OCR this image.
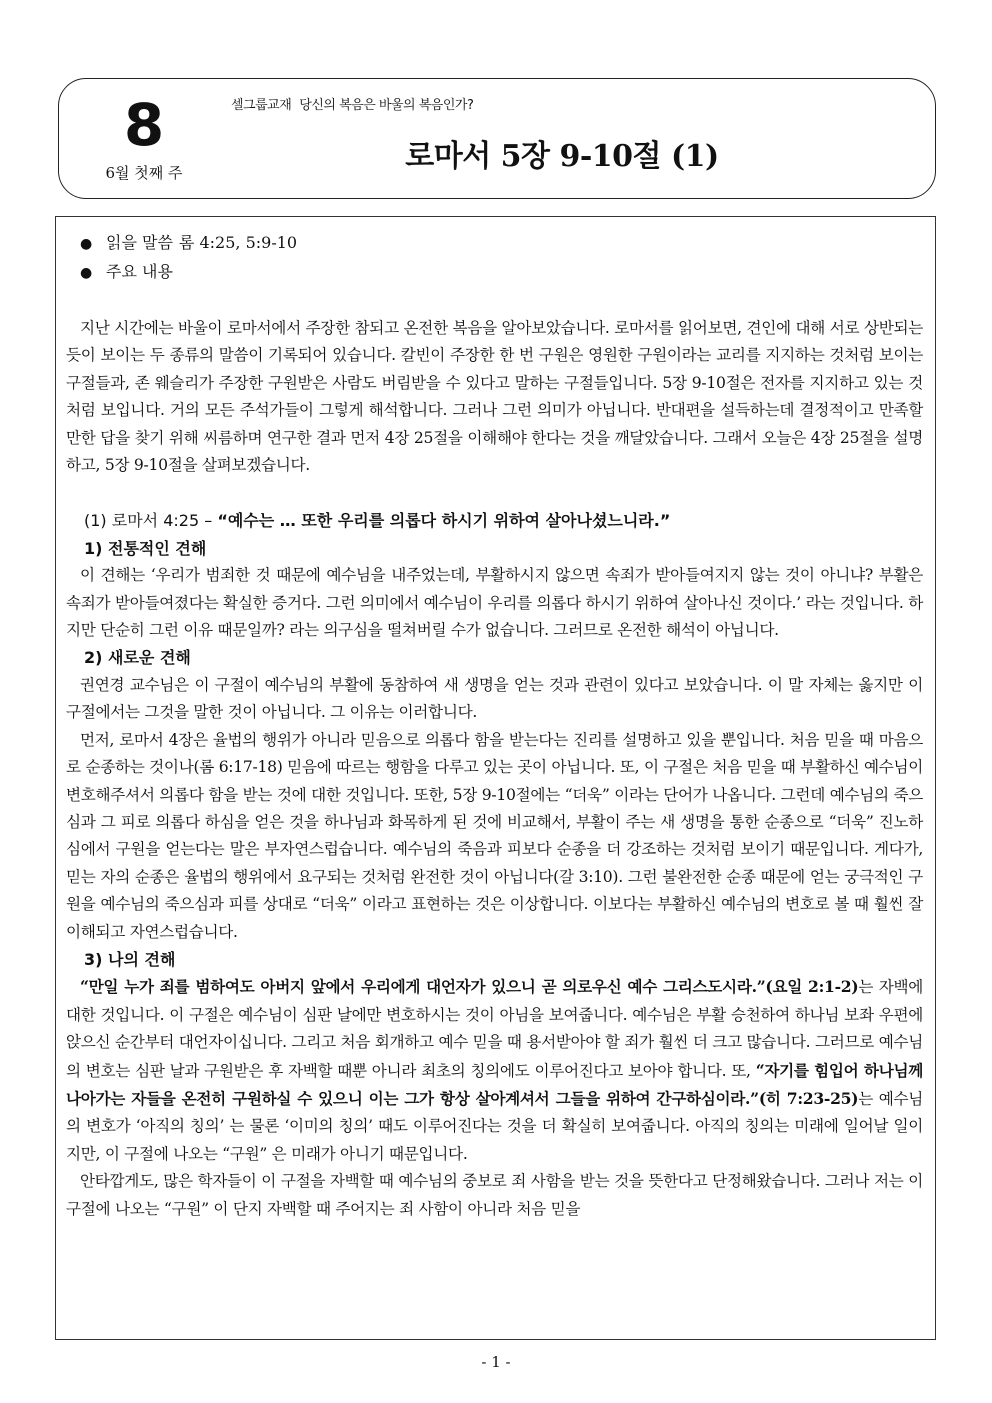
8
6월 첫째 주
셀그룹교재 당신의 복음은 바울의 복음인가?
로마서 5장 9-10절 (1)
● 읽을 말씀 롬 4:25, 5:9-10
● 주요 내용

지난 시간에는 바울이 로마서에서 주장한 참되고 온전한 복음을 알아보았습니다. 로마서를 읽어보면, 견인에 대해 서로 상반되는 듯이 보이는 두 종류의 말씀이 기록되어 있습니다. 칼빈이 주장한 한 번 구원은 영원한 구원이라는 교리를 지지하는 것처럼 보이는 구절들과, 존 웨슬리가 주장한 구원받은 사람도 버림받을 수 있다고 말하는 구절들입니다. 5장 9-10절은 전자를 지지하고 있는 것처럼 보입니다. 거의 모든 주석가들이 그렇게 해석합니다. 그러나 그런 의미가 아닙니다. 반대편을 설득하는데 결정적이고 만족할 만한 답을 찾기 위해 씨름하며 연구한 결과 먼저 4장 25절을 이해해야 한다는 것을 깨달았습니다. 그래서 오늘은 4장 25절을 설명하고, 5장 9-10절을 살펴보겠습니다.

(1) 로마서 4:25 – “예수는 … 또한 우리를 의롭다 하시기 위하여 살아나셨느니라.”
1) 전통적인 견해

이 견해는 ‘우리가 범죄한 것 때문에 예수님을 내주었는데, 부활하시지 않으면 속죄가 받아들여지지 않는 것이 아니냐? 부활은 속죄가 받아들여졌다는 확실한 증거다. 그런 의미에서 예수님이 우리를 의롭다 하시기 위하여 살아나신 것이다.’ 라는 것입니다. 하지만 단순히 그런 이유 때문일까? 라는 의구심을 떨쳐버릴 수가 없습니다. 그러므로 온전한 해석이 아닙니다.

2) 새로운 견해

권연경 교수님은 이 구절이 예수님의 부활에 동참하여 새 생명을 얻는 것과 관련이 있다고 보았습니다. 이 말 자체는 옳지만 이 구절에서는 그것을 말한 것이 아닙니다. 그 이유는 이러합니다.

먼저, 로마서 4장은 율법의 행위가 아니라 믿음으로 의롭다 함을 받는다는 진리를 설명하고 있을 뿐입니다. 처음 믿을 때 마음으로 순종하는 것이나(롬 6:17-18) 믿음에 따르는 행함을 다루고 있는 곳이 아닙니다. 또, 이 구절은 처음 믿을 때 부활하신 예수님이 변호해주셔서 의롭다 함을 받는 것에 대한 것입니다. 또한, 5장 9-10절에는 “더욱” 이라는 단어가 나옵니다. 그런데 예수님의 죽으심과 그 피로 의롭다 하심을 얻은 것을 하나님과 화목하게 된 것에 비교해서, 부활이 주는 새 생명을 통한 순종으로 “더욱” 진노하심에서 구원을 얻는다는 말은 부자연스럽습니다. 예수님의 죽음과 피보다 순종을 더 강조하는 것처럼 보이기 때문입니다. 게다가, 믿는 자의 순종은 율법의 행위에서 요구되는 것처럼 완전한 것이 아닙니다(갈 3:10). 그런 불완전한 순종 때문에 얻는 궁극적인 구원을 예수님의 죽으심과 피를 상대로 “더욱” 이라고 표현하는 것은 이상합니다. 이보다는 부활하신 예수님의 변호로 볼 때 훨씬 잘 이해되고 자연스럽습니다.

3) 나의 견해

“만일 누가 죄를 범하여도 아버지 앞에서 우리에게 대언자가 있으니 곧 의로우신 예수 그리스도시라.”(요일 2:1-2)는 자백에 대한 것입니다. 이 구절은 예수님이 심판 날에만 변호하시는 것이 아님을 보여줍니다. 예수님은 부활 승천하여 하나님 보좌 우편에 앉으신 순간부터 대언자이십니다. 그리고 처음 회개하고 예수 믿을 때 용서받아야 할 죄가 훨씬 더 크고 많습니다. 그러므로 예수님의 변호는 심판 날과 구원받은 후 자백할 때뿐 아니라 최초의 칭의에도 이루어진다고 보아야 합니다. 또, “자기를 힘입어 하나님께 나아가는 자들을 온전히 구원하실 수 있으니 이는 그가 항상 살아계셔서 그들을 위하여 간구하심이라.”(히 7:23-25)는 예수님의 변호가 ‘아직의 칭의’ 는 물론 ‘이미의 칭의’ 때도 이루어진다는 것을 더 확실히 보여줍니다. 아직의 칭의는 미래에 일어날 일이지만, 이 구절에 나오는 “구원” 은 미래가 아니기 때문입니다.

안타깝게도, 많은 학자들이 이 구절을 자백할 때 예수님의 중보로 죄 사함을 받는 것을 뜻한다고 단정해왔습니다. 그러나 저는 이 구절에 나오는 “구원” 이 단지 자백할 때 주어지는 죄 사함이 아니라 처음 믿을

- 1 -
